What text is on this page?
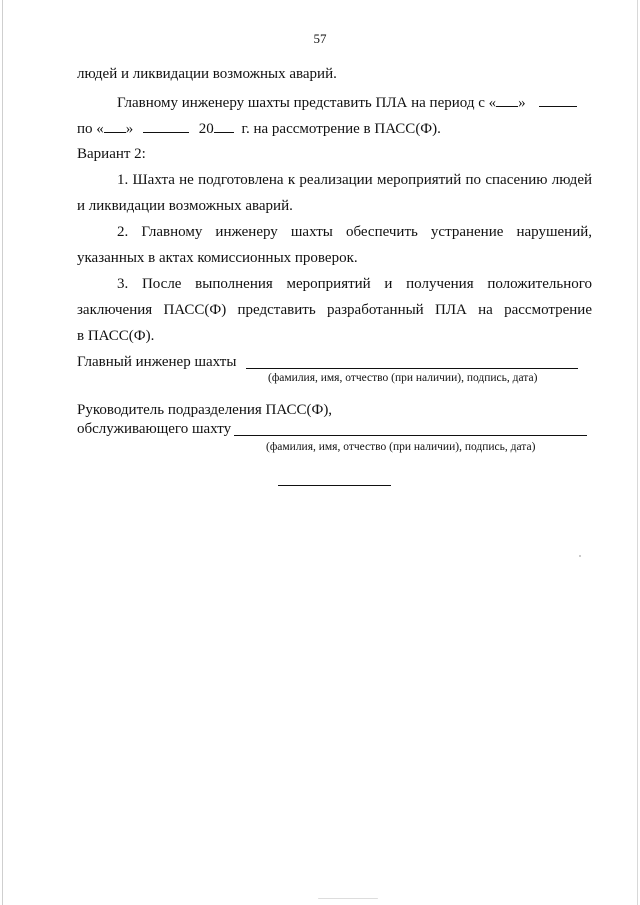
57
людей и ликвидации возможных аварий.
Главному инженеру шахты представить ПЛА на период с « »
по « »	20 г. на рассмотрение в ПАСС(Ф).
Вариант 2:
1. Шахта не подготовлена к реализации мероприятий по спасению людей
и ликвидации возможных аварий.
2. Главному инженеру шахты обеспечить устранение нарушений,
указанных в актах комиссионных проверок.
3. После выполнения мероприятий и получения положительного
заключения ПАСС(Ф) представить разработанный ПЛА на рассмотрение
в ПАСС(Ф).
Главный инженер шахты
(фамилия, имя, отчество (при наличии), подпись, дата)
Руководитель подразделения ПАСС(Ф),
обслуживающего шахту
(фамилия, имя, отчество (при наличии), подпись, дата)
